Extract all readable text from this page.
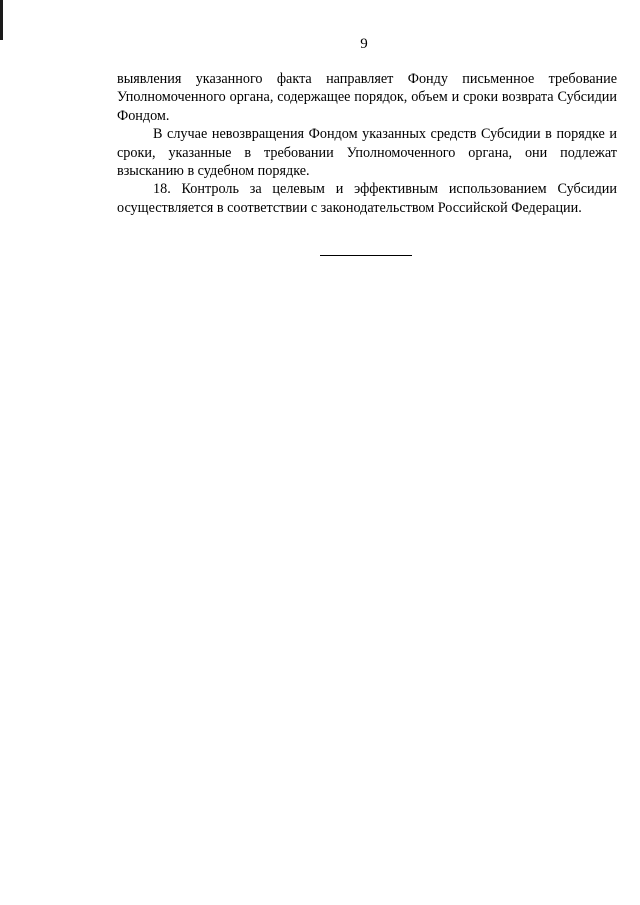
9

выявления указанного факта направляет Фонду письменное требование Уполномоченного органа, содержащее порядок, объем и сроки возврата Субсидии Фондом.

В случае невозвращения Фондом указанных средств Субсидии в порядке и сроки, указанные в требовании Уполномоченного органа, они подлежат взысканию в судебном порядке.

18. Контроль за целевым и эффективным использованием Субсидии осуществляется в соответствии с законодательством Российской Федерации.
